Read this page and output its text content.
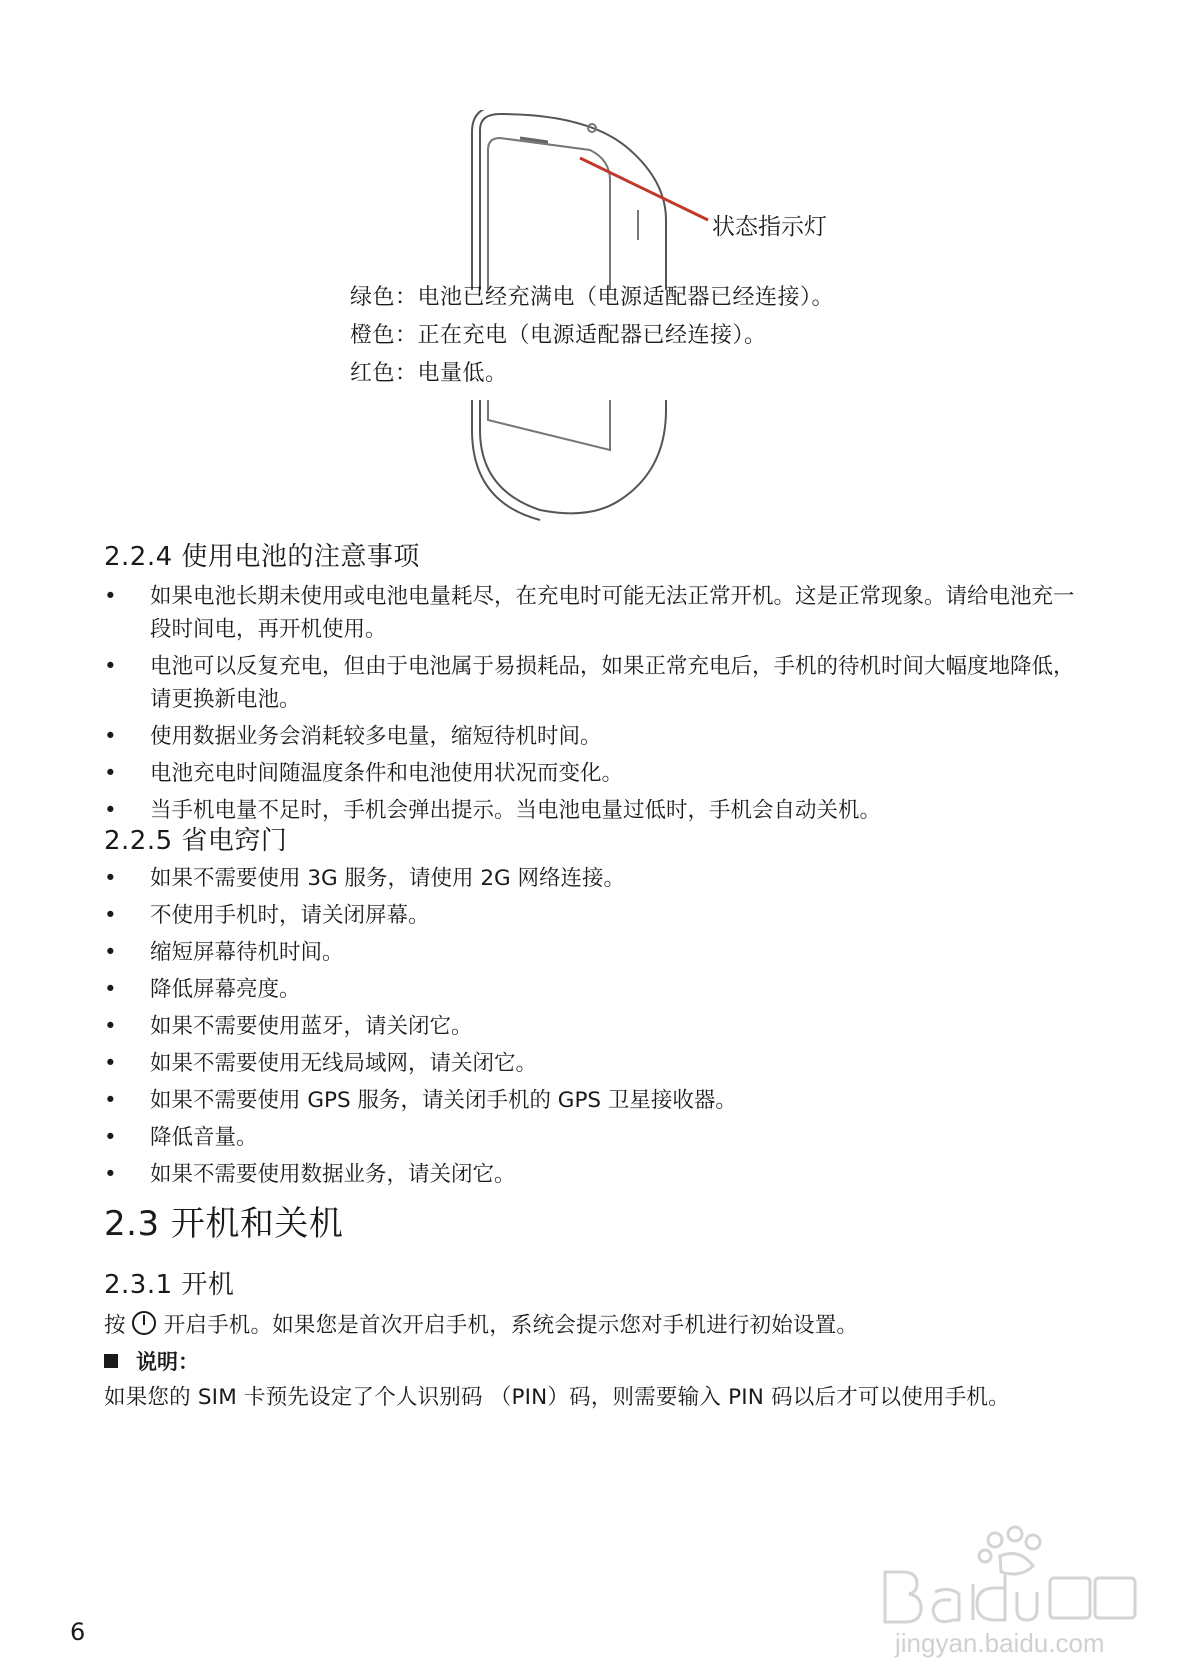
状态指示灯
绿色：电池已经充满电（电源适配器已经连接）。
橙色：正在充电（电源适配器已经连接）。
红色：电量低。
2.2.4 使用电池的注意事项
• 如果电池长期未使用或电池电量耗尽，在充电时可能无法正常开机。这是正常现象。请给电池充一段时间电，再开机使用。
• 电池可以反复充电，但由于电池属于易损耗品，如果正常充电后，手机的待机时间大幅度地降低，请更换新电池。
• 使用数据业务会消耗较多电量，缩短待机时间。
• 电池充电时间随温度条件和电池使用状况而变化。
• 当手机电量不足时，手机会弹出提示。当电池电量过低时，手机会自动关机。
2.2.5 省电窍门
• 如果不需要使用 3G 服务，请使用 2G 网络连接。
• 不使用手机时，请关闭屏幕。
• 缩短屏幕待机时间。
• 降低屏幕亮度。
• 如果不需要使用蓝牙，请关闭它。
• 如果不需要使用无线局域网，请关闭它。
• 如果不需要使用 GPS 服务，请关闭手机的 GPS 卫星接收器。
• 降低音量。
• 如果不需要使用数据业务，请关闭它。
2.3 开机和关机
2.3.1 开机
按 开启手机。如果您是首次开启手机，系统会提示您对手机进行初始设置。
说明：
如果您的 SIM 卡预先设定了个人识别码 （PIN）码，则需要输入 PIN 码以后才可以使用手机。
6	jingyan.baidu.com
